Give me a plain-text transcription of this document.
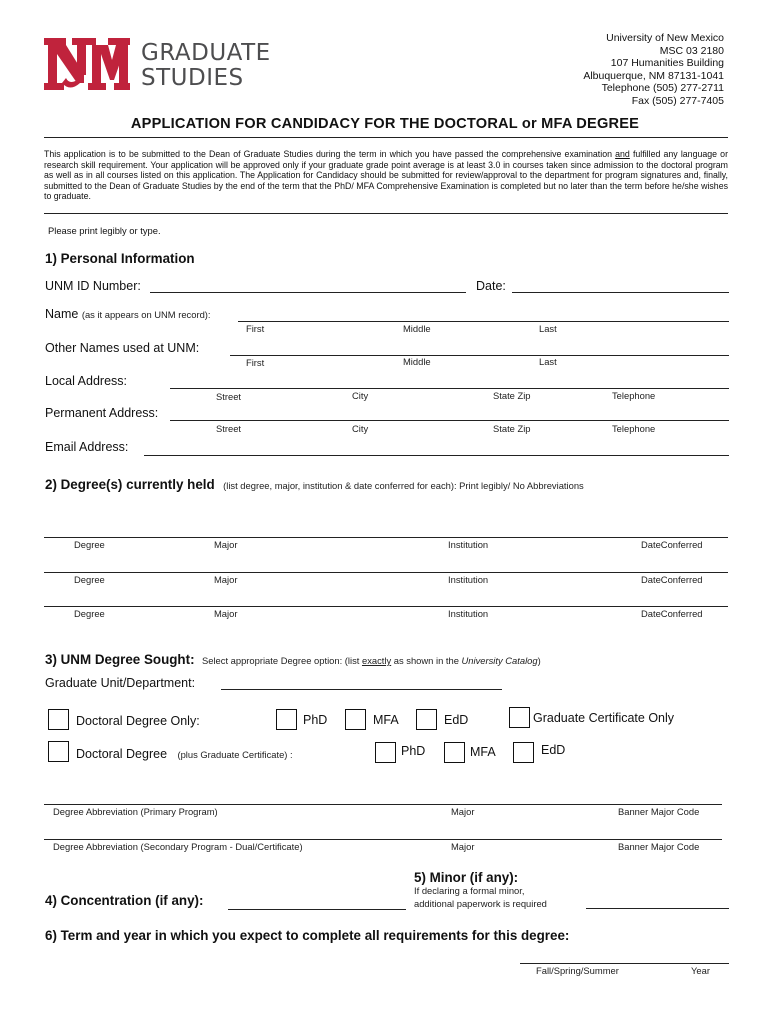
GRADUATE
STUDIES
University of New Mexico
MSC 03 2180
107 Humanities Building
Albuquerque, NM 87131-1041
Telephone (505) 277-2711
Fax (505) 277-7405
APPLICATION FOR CANDIDACY FOR THE DOCTORAL or MFA DEGREE
This application is to be submitted to the Dean of Graduate Studies during the term in which you have passed the comprehensive examination and fulfilled any language or research skill requirement. Your application will be approved only if your graduate grade point average is at least 3.0 in courses taken since admission to the doctoral program as well as in all courses listed on this application. The Application for Candidacy should be submitted for review/approval to the department for program signatures and, finally, submitted to the Dean of Graduate Studies by the end of the term that the PhD/ MFA Comprehensive Examination is completed but no later than the term before he/she wishes to graduate.
Please print legibly or type.
1) Personal Information
UNM ID Number:	Date:
Name (as it appears on UNM record):
First	Middle	Last
Other Names used at UNM:
First	Middle	Last
Local Address:
Street	City	State Zip	Telephone
Permanent Address:
Street	City	State Zip	Telephone
Email Address:
2) Degree(s) currently held (list degree, major, institution & date conferred for each): Print legibly/ No Abbreviations
Degree	Major	Institution	DateConferred
Degree	Major	Institution	DateConferred
Degree	Major	Institution	DateConferred
3) UNM Degree Sought: Select appropriate Degree option: (list exactly as shown in the University Catalog)
Graduate Unit/Department:
Doctoral Degree Only:	PhD	MFA	EdD	Graduate Certificate Only
Doctoral Degree (plus Graduate Certificate) :	PhD	MFA	EdD
Degree Abbreviation (Primary Program)	Major	Banner Major Code
Degree Abbreviation (Secondary Program - Dual/Certificate)	Major	Banner Major Code
5) Minor (if any):
If declaring a formal minor,
additional paperwork is required
4) Concentration (if any):
6) Term and year in which you expect to complete all requirements for this degree:
Fall/Spring/Summer	Year
